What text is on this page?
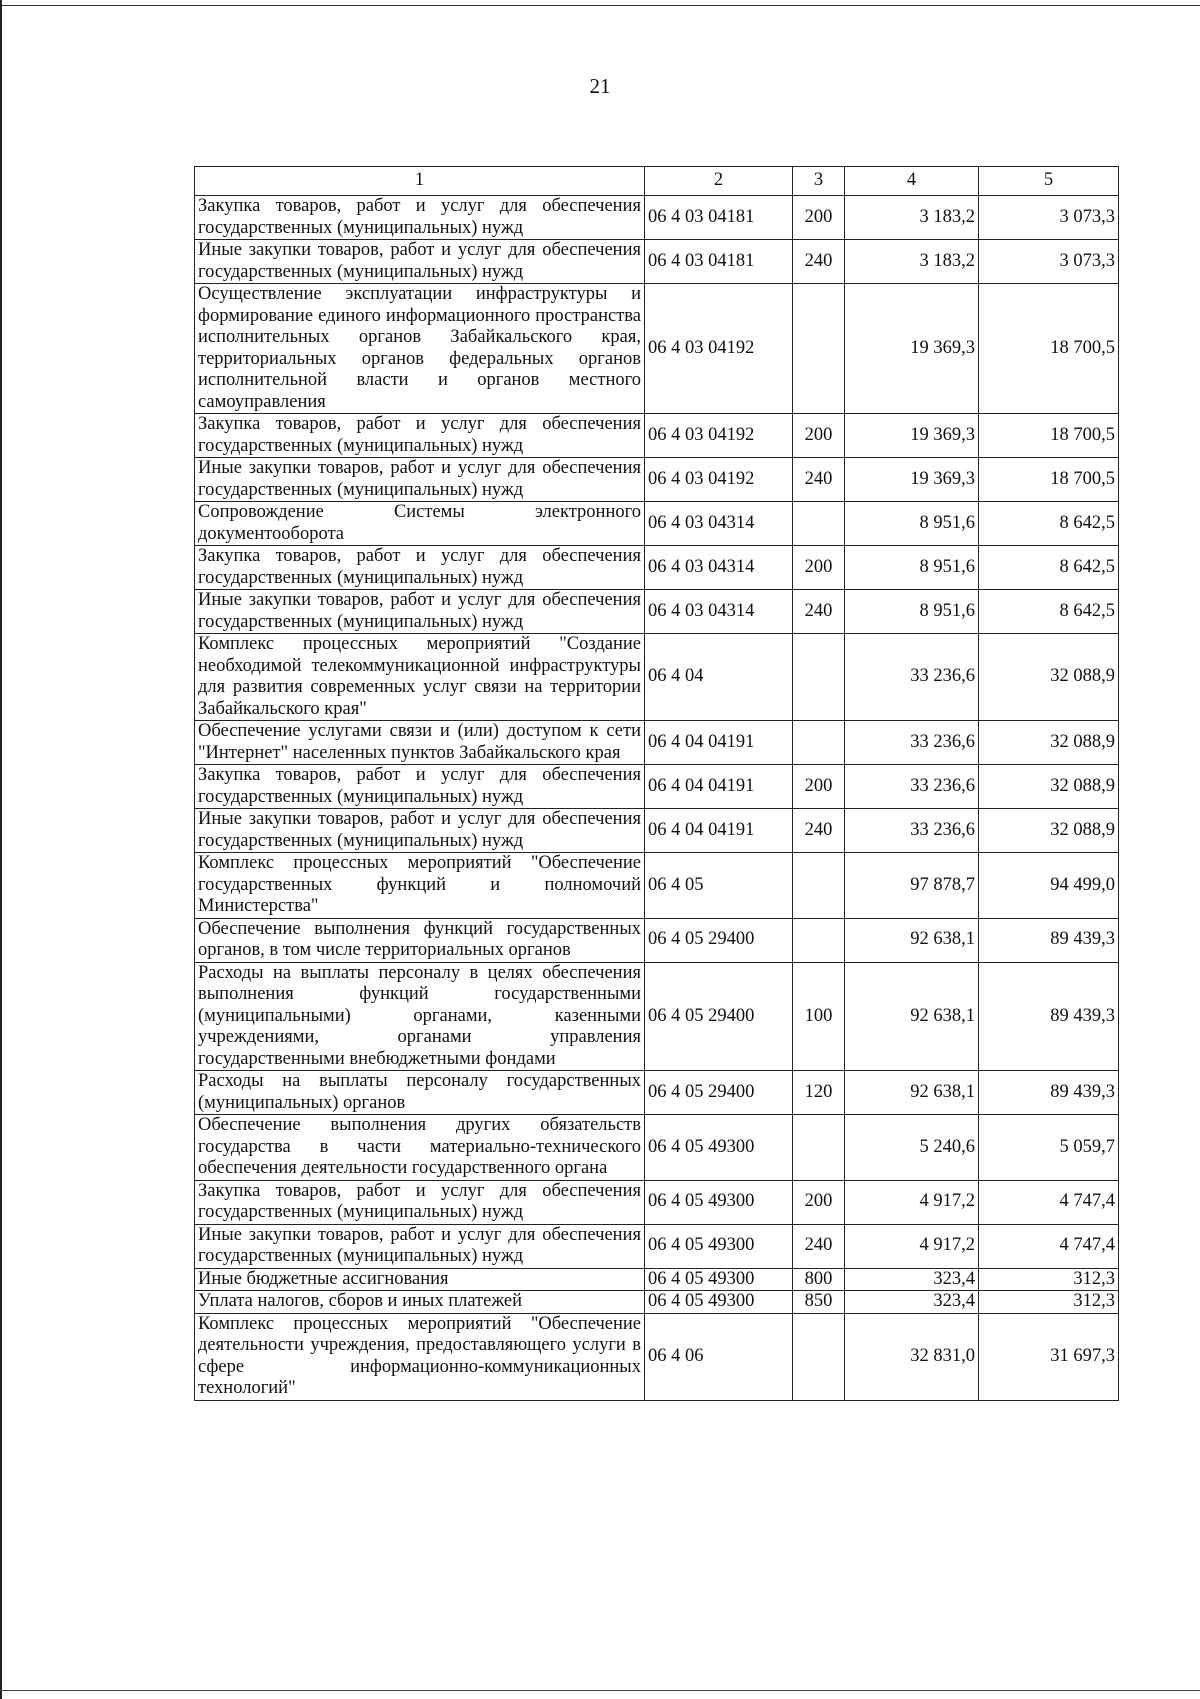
21
1	2	3	4	5
Закупка товаров, работ и услуг для обеспечения государственных (муниципальных) нужд	06 4 03 04181	200	3 183,2	3 073,3
Иные закупки товаров, работ и услуг для обеспечения государственных (муниципальных) нужд	06 4 03 04181	240	3 183,2	3 073,3
Осуществление эксплуатации инфраструктуры и формирование единого информационного пространства исполнительных органов Забайкальского края, территориальных органов федеральных органов исполнительной власти и органов местного самоуправления	06 4 03 04192		19 369,3	18 700,5
Закупка товаров, работ и услуг для обеспечения государственных (муниципальных) нужд	06 4 03 04192	200	19 369,3	18 700,5
Иные закупки товаров, работ и услуг для обеспечения государственных (муниципальных) нужд	06 4 03 04192	240	19 369,3	18 700,5
Сопровождение Системы электронного документооборота	06 4 03 04314		8 951,6	8 642,5
Закупка товаров, работ и услуг для обеспечения государственных (муниципальных) нужд	06 4 03 04314	200	8 951,6	8 642,5
Иные закупки товаров, работ и услуг для обеспечения государственных (муниципальных) нужд	06 4 03 04314	240	8 951,6	8 642,5
Комплекс процессных мероприятий "Создание необходимой телекоммуникационной инфраструктуры для развития современных услуг связи на территории Забайкальского края"	06 4 04		33 236,6	32 088,9
Обеспечение услугами связи и (или) доступом к сети "Интернет" населенных пунктов Забайкальского края	06 4 04 04191		33 236,6	32 088,9
Закупка товаров, работ и услуг для обеспечения государственных (муниципальных) нужд	06 4 04 04191	200	33 236,6	32 088,9
Иные закупки товаров, работ и услуг для обеспечения государственных (муниципальных) нужд	06 4 04 04191	240	33 236,6	32 088,9
Комплекс процессных мероприятий "Обеспечение государственных функций и полномочий Министерства"	06 4 05		97 878,7	94 499,0
Обеспечение выполнения функций государственных органов, в том числе территориальных органов	06 4 05 29400		92 638,1	89 439,3
Расходы на выплаты персоналу в целях обеспечения выполнения функций государственными (муниципальными) органами, казенными учреждениями, органами управления государственными внебюджетными фондами	06 4 05 29400	100	92 638,1	89 439,3
Расходы на выплаты персоналу государственных (муниципальных) органов	06 4 05 29400	120	92 638,1	89 439,3
Обеспечение выполнения других обязательств государства в части материально-технического обеспечения деятельности государственного органа	06 4 05 49300		5 240,6	5 059,7
Закупка товаров, работ и услуг для обеспечения государственных (муниципальных) нужд	06 4 05 49300	200	4 917,2	4 747,4
Иные закупки товаров, работ и услуг для обеспечения государственных (муниципальных) нужд	06 4 05 49300	240	4 917,2	4 747,4
Иные бюджетные ассигнования	06 4 05 49300	800	323,4	312,3
Уплата налогов, сборов и иных платежей	06 4 05 49300	850	323,4	312,3
Комплекс процессных мероприятий "Обеспечение деятельности учреждения, предоставляющего услуги в сфере информационно-коммуникационных технологий"	06 4 06		32 831,0	31 697,3
